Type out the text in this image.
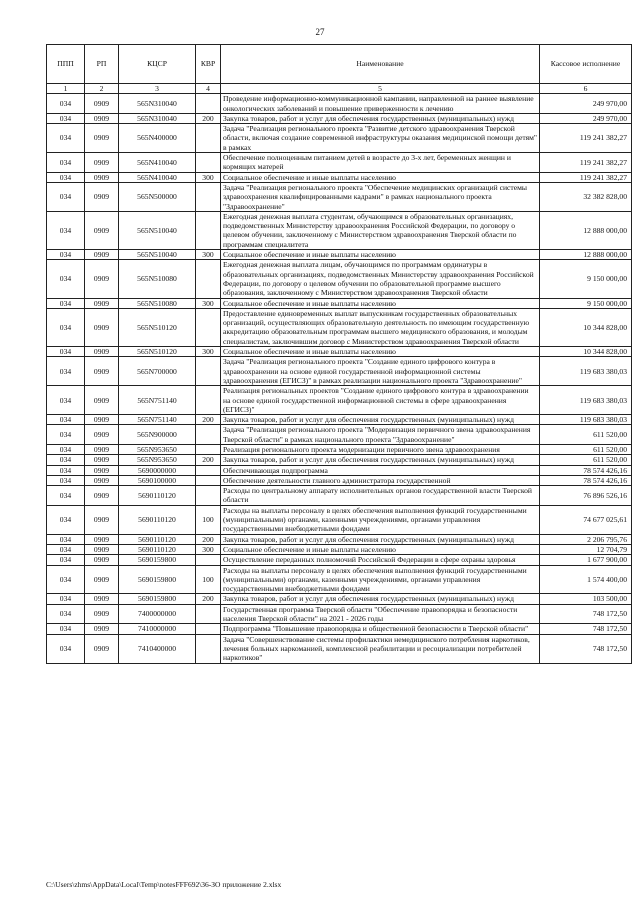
27
ППП	РП	КЦСР	КВР	Наименование	Кассовое исполнение
1	2	3	4	5	6
034	0909	565N310040		Проведение информационно-коммуникационной кампании, направленной на раннее выявление онкологических заболеваний и повышение приверженности к лечению	249 970,00
034	0909	565N310040	200	Закупка товаров, работ и услуг для обеспечения государственных (муниципальных) нужд	249 970,00
034	0909	565N400000		Задача "Реализация регионального проекта "Развитие детского здравоохранения Тверской области, включая создание современной инфраструктуры оказания медицинской помощи детям" в рамках	119 241 382,27
034	0909	565N410040		Обеспечение полноценным питанием детей в возрасте до 3-х лет, беременных женщин и кормящих матерей	119 241 382,27
034	0909	565N410040	300	Социальное обеспечение и иные выплаты населению	119 241 382,27
034	0909	565N500000		Задача "Реализация регионального проекта "Обеспечение медицинских организаций системы здравоохранения квалифицированными кадрами" в рамках национального проекта "Здравоохранение"	32 382 828,00
034	0909	565N510040		Ежегодная денежная выплата студентам, обучающимся в образовательных организациях, подведомственных Министерству здравоохранения Российской Федерации, по договору о целевом обучении, заключенному с Министерством здравоохранения Тверской области по программам специалитета	12 888 000,00
034	0909	565N510040	300	Социальное обеспечение и иные выплаты населению	12 888 000,00
034	0909	565N510080		Ежегодная денежная выплата лицам, обучающимся по программам ординатуры в образовательных организациях, подведомственных Министерству здравоохранения Российской Федерации, по договору о целевом обучении по образовательной программе высшего образования, заключенному с Министерством здравоохранения Тверской области	9 150 000,00
034	0909	565N510080	300	Социальное обеспечение и иные выплаты населению	9 150 000,00
034	0909	565N510120		Предоставление единовременных выплат выпускникам государственных образовательных организаций, осуществляющих образовательную деятельность по имеющим государственную аккредитацию образовательным программам высшего медицинского образования, и молодым специалистам, заключившим договор с Министерством здравоохранения Тверской области	10 344 828,00
034	0909	565N510120	300	Социальное обеспечение и иные выплаты населению	10 344 828,00
034	0909	565N700000		Задача "Реализация регионального проекта "Создание единого цифрового контура в здравоохранении на основе единой государственной информационной системы здравоохранения (ЕГИСЗ)" в рамках реализации национального проекта "Здравоохранение"	119 683 380,03
034	0909	565N751140		Реализация региональных проектов "Создание единого цифрового контура в здравоохранении на основе единой государственной информационной системы в сфере здравоохранения (ЕГИСЗ)"	119 683 380,03
034	0909	565N751140	200	Закупка товаров, работ и услуг для обеспечения государственных (муниципальных) нужд	119 683 380,03
034	0909	565N900000		Задача "Реализация регионального проекта "Модернизация первичного звена здравоохранения Тверской области" в рамках национального проекта "Здравоохранение"	611 520,00
034	0909	565N953650		Реализация регионального проекта модернизации первичного звена здравоохранения	611 520,00
034	0909	565N953650	200	Закупка товаров, работ и услуг для обеспечения государственных (муниципальных) нужд	611 520,00
034	0909	5690000000		Обеспечивающая подпрограмма	78 574 426,16
034	0909	5690100000		Обеспечение деятельности главного администратора государственной	78 574 426,16
034	0909	5690110120		Расходы по центральному аппарату исполнительных органов государственной власти Тверской области	76 896 526,16
034	0909	5690110120	100	Расходы на выплаты персоналу в целях обеспечения выполнения функций государственными (муниципальными) органами, казенными учреждениями, органами управления государственными внебюджетными фондами	74 677 025,61
034	0909	5690110120	200	Закупка товаров, работ и услуг для обеспечения государственных (муниципальных) нужд	2 206 795,76
034	0909	5690110120	300	Социальное обеспечение и иные выплаты населению	12 704,79
034	0909	5690159800		Осуществление переданных полномочий Российской Федерации в сфере охраны здоровья	1 677 900,00
034	0909	5690159800	100	Расходы на выплаты персоналу в целях обеспечения выполнения функций государственными (муниципальными) органами, казенными учреждениями, органами управления государственными внебюджетными фондами	1 574 400,00
034	0909	5690159800	200	Закупка товаров, работ и услуг для обеспечения государственных (муниципальных) нужд	103 500,00
034	0909	7400000000		Государственная программа Тверской области "Обеспечение правопорядка и безопасности населения Тверской области" на 2021 - 2026 годы	748 172,50
034	0909	7410000000		Подпрограмма "Повышение правопорядка и общественной безопасности в Тверской области"	748 172,50
034	0909	7410400000		Задача "Совершенствование системы профилактики немедицинского потребления наркотиков, лечения больных наркоманией, комплексной реабилитации и ресоциализации потребителей наркотиков"	748 172,50
C:\Users\zhms\AppData\Local\Temp\notesFFF692\36-ЗО приложение 2.xlsx
